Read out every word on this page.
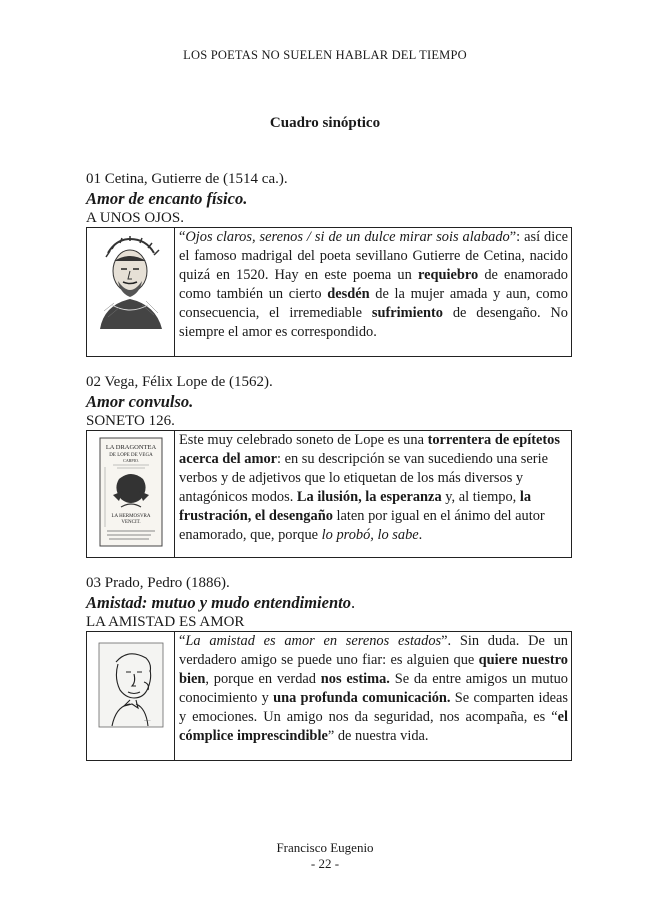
LOS POETAS NO SUELEN HABLAR DEL TIEMPO
Cuadro sinóptico
01 Cetina, Gutierre de (1514 ca.).
Amor de encanto físico.
A UNOS OJOS.
“Ojos claros, serenos / si de un dulce mirar sois alabado”: así dice el famoso madrigal del poeta sevillano Gutierre de Cetina, nacido quizá en 1520. Hay en este poema un requiebro de enamorado como también un cierto desdén de la mujer amada y aun, como consecuencia, el irremediable sufrimiento de desengaño. No siempre el amor es correspondido.
02 Vega, Félix Lope de (1562).
Amor convulso.
SONETO 126.
LA DRAGONTEA
DE LOPE DE VEGA
CARPIO.
LA HERMOSVRA
VENCIT.
Este muy celebrado soneto de Lope es una torrentera de epítetos acerca del amor: en su descripción se van sucediendo una serie verbos y de adjetivos que lo etiquetan de los más diversos y antagónicos modos. La ilusión, la esperanza y, al tiempo, la frustración, el desengaño laten por igual en el ánimo del autor enamorado, que, porque lo probó, lo sabe.
03 Prado, Pedro (1886).
Amistad: mutuo y mudo entendimiento.
LA AMISTAD ES AMOR
~~~
“La amistad es amor en serenos estados”. Sin duda. De un verdadero amigo se puede uno fiar: es alguien que quiere nuestro bien, porque en verdad nos estima. Se da entre amigos un mutuo conocimiento y una profunda comunicación. Se comparten ideas y emociones. Un amigo nos da seguridad, nos acompaña, es “el cómplice imprescindible” de nuestra vida.
Francisco Eugenio
- 22 -
